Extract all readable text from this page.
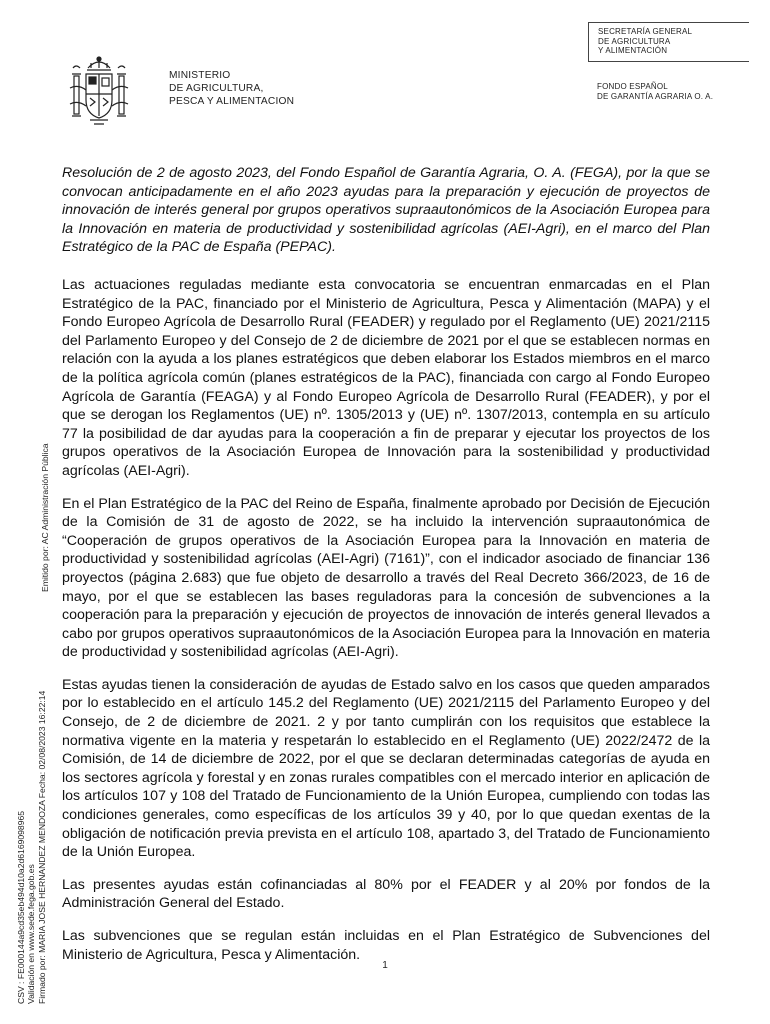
MINISTERIO
DE AGRICULTURA,
PESCA Y ALIMENTACION
SECRETARÍA GENERAL
DE AGRICULTURA
Y ALIMENTACIÓN
FONDO ESPAÑOL
DE GARANTÍA AGRARIA O. A.
Resolución de 2 de agosto 2023, del Fondo Español de Garantía Agraria, O. A. (FEGA), por la que se convocan anticipadamente en el año 2023 ayudas para la preparación y ejecución de proyectos de innovación de interés general por grupos operativos supraautonómicos de la Asociación Europea para la Innovación en materia de productividad y sostenibilidad agrícolas (AEI-Agri), en el marco del Plan Estratégico de la PAC de España (PEPAC).

Las actuaciones reguladas mediante esta convocatoria se encuentran enmarcadas en el Plan Estratégico de la PAC, financiado por el Ministerio de Agricultura, Pesca y Alimentación (MAPA) y el Fondo Europeo Agrícola de Desarrollo Rural (FEADER) y regulado por el Reglamento (UE) 2021/2115 del Parlamento Europeo y del Consejo de 2 de diciembre de 2021 por el que se establecen normas en relación con la ayuda a los planes estratégicos que deben elaborar los Estados miembros en el marco de la política agrícola común (planes estratégicos de la PAC), financiada con cargo al Fondo Europeo Agrícola de Garantía (FEAGA) y al Fondo Europeo Agrícola de Desarrollo Rural (FEADER), y por el que se derogan los Reglamentos (UE) nº. 1305/2013 y (UE) nº. 1307/2013, contempla en su artículo 77 la posibilidad de dar ayudas para la cooperación a fin de preparar y ejecutar los proyectos de los grupos operativos de la Asociación Europea de Innovación para la sostenibilidad y productividad agrícolas (AEI-Agri).

En el Plan Estratégico de la PAC del Reino de España, finalmente aprobado por Decisión de Ejecución de la Comisión de 31 de agosto de 2022, se ha incluido la intervención supraautonómica de “Cooperación de grupos operativos de la Asociación Europea para la Innovación en materia de productividad y sostenibilidad agrícolas (AEI-Agri) (7161)”, con el indicador asociado de financiar 136 proyectos (página 2.683) que fue objeto de desarrollo a través del Real Decreto 366/2023, de 16 de mayo, por el que se establecen las bases reguladoras para la concesión de subvenciones a la cooperación para la preparación y ejecución de proyectos de innovación de interés general llevados a cabo por grupos operativos supraautonómicos de la Asociación Europea para la Innovación en materia de productividad y sostenibilidad agrícolas (AEI-Agri).

Estas ayudas tienen la consideración de ayudas de Estado salvo en los casos que queden amparados por lo establecido en el artículo 145.2 del Reglamento (UE) 2021/2115 del Parlamento Europeo y del Consejo, de 2 de diciembre de 2021. 2 y por tanto cumplirán con los requisitos que establece la normativa vigente en la materia y respetarán lo establecido en el Reglamento (UE) 2022/2472 de la Comisión, de 14 de diciembre de 2022, por el que se declaran determinadas categorías de ayuda en los sectores agrícola y forestal y en zonas rurales compatibles con el mercado interior en aplicación de los artículos 107 y 108 del Tratado de Funcionamiento de la Unión Europea, cumpliendo con todas las condiciones generales, como específicas de los artículos 39 y 40, por lo que quedan exentas de la obligación de notificación previa prevista en el artículo 108, apartado 3, del Tratado de Funcionamiento de la Unión Europea.

Las presentes ayudas están cofinanciadas al 80% por el FEADER y al 20% por fondos de la Administración General del Estado.

Las subvenciones que se regulan están incluidas en el Plan Estratégico de Subvenciones del Ministerio de Agricultura, Pesca y Alimentación.

1
CSV : FE000144a9cd35eb494d10a2d6169098965 Validación en www.sede.fega.gob.es Firmado por: MARIA JOSE HERNANDEZ MENDOZA Fecha: 02/08/2023 16:22:14
Emitido por: AC Administración Pública
